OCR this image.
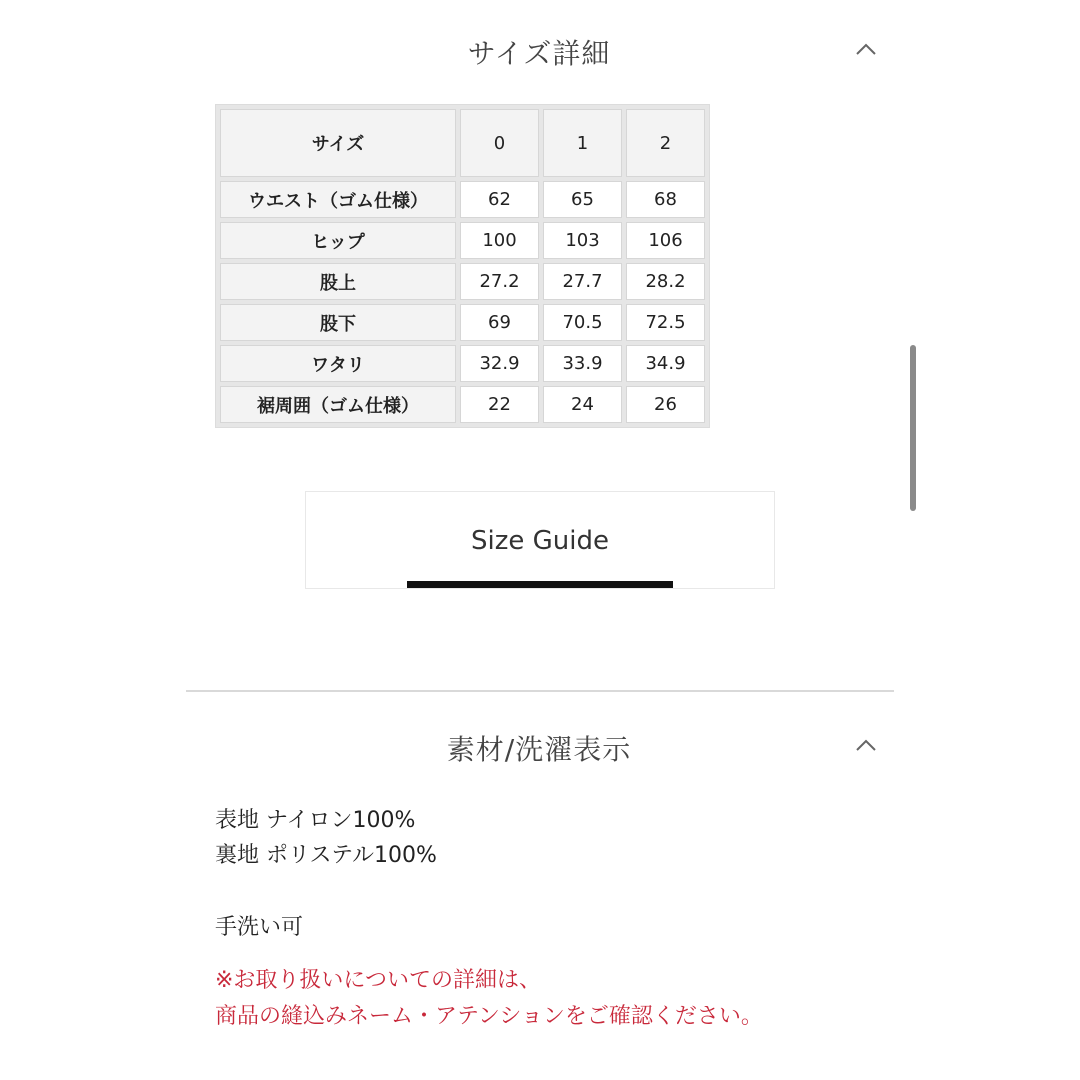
サイズ詳細
サイズ	0	1	2
ウエスト（ゴム仕様）	62	65	68
ヒップ	100	103	106
股上	27.2	27.7	28.2
股下	69	70.5	72.5
ワタリ	32.9	33.9	34.9
裾周囲（ゴム仕様）	22	24	26
Size Guide
素材/洗濯表示
表地 ナイロン100%
裏地 ポリステル100%
手洗い可
※お取り扱いについての詳細は、
商品の縫込みネーム・アテンションをご確認ください。
